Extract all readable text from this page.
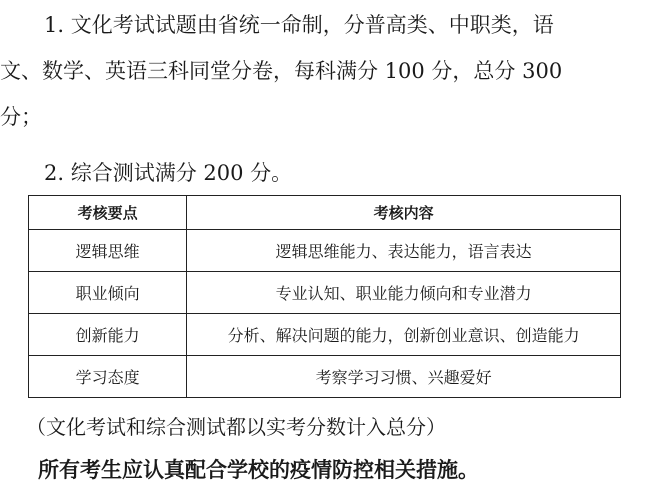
1. 文化考试试题由省统一命制，分普高类、中职类，语
文、数学、英语三科同堂分卷，每科满分 100 分，总分 300
分；

2. 综合测试满分 200 分。

考核要点	考核内容
逻辑思维	逻辑思维能力、表达能力，语言表达
职业倾向	专业认知、职业能力倾向和专业潜力
创新能力	分析、解决问题的能力，创新创业意识、创造能力
学习态度	考察学习习惯、兴趣爱好
（文化考试和综合测试都以实考分数计入总分）
所有考生应认真配合学校的疫情防控相关措施。
